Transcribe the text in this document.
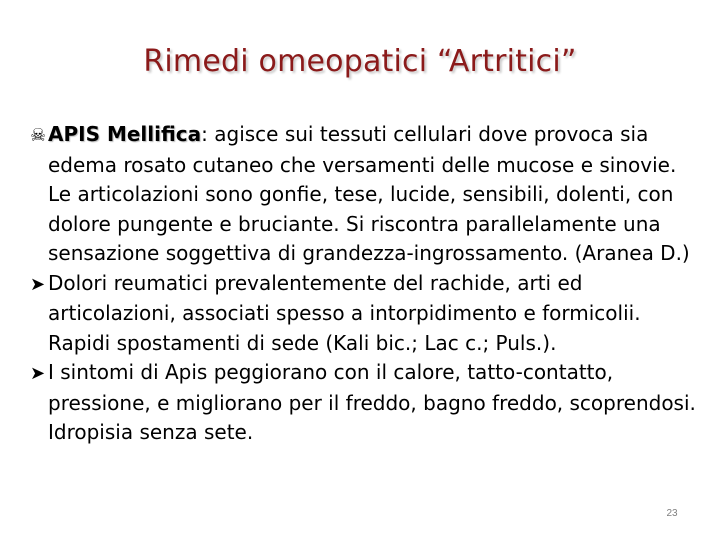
Rimedi omeopatici “Artritici”
☠APIS Mellifica: agisce sui tessuti cellulari dove provoca sia edema rosato cutaneo che versamenti delle mucose e sinovie. Le articolazioni sono gonfie, tese, lucide, sensibili, dolenti, con dolore pungente e bruciante. Si riscontra parallelamente una sensazione soggettiva di grandezza-ingrossamento. (Aranea D.)
➤ Dolori reumatici prevalentemente del rachide, arti ed articolazioni, associati spesso a intorpidimento e formicolii. Rapidi spostamenti di sede (Kali bic.; Lac c.; Puls.).
➤ I sintomi di Apis peggiorano con il calore, tatto-contatto, pressione, e migliorano per il freddo, bagno freddo, scoprendosi. Idropisia senza sete.
23
